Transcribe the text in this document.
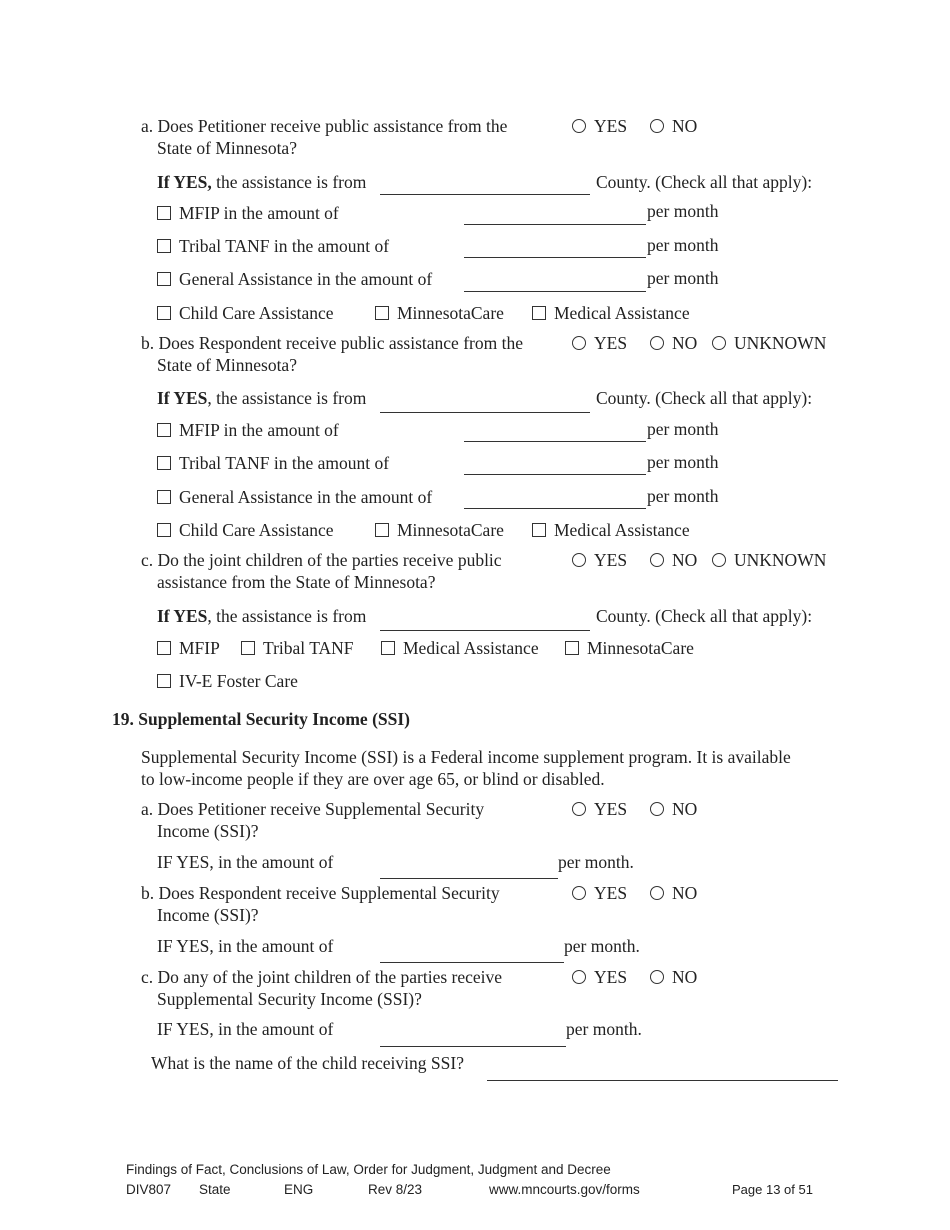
a. Does Petitioner receive public assistance from the
State of Minnesota?
YES	NO
If YES, the assistance is from	County. (Check all that apply):
MFIP in the amount of	per month
Tribal TANF in the amount of	per month
General Assistance in the amount of	per month
Child Care Assistance	MinnesotaCare	Medical Assistance
b. Does Respondent receive public assistance from the
State of Minnesota?
YES	NO	UNKNOWN
If YES, the assistance is from	County. (Check all that apply):
MFIP in the amount of	per month
Tribal TANF in the amount of	per month
General Assistance in the amount of	per month
Child Care Assistance	MinnesotaCare	Medical Assistance
c. Do the joint children of the parties receive public
assistance from the State of Minnesota?
YES	NO	UNKNOWN
If YES, the assistance is from	County. (Check all that apply):
MFIP	Tribal TANF	Medical Assistance	MinnesotaCare
IV-E Foster Care
19. Supplemental Security Income (SSI)
Supplemental Security Income (SSI) is a Federal income supplement program. It is available
to low-income people if they are over age 65, or blind or disabled.
a. Does Petitioner receive Supplemental Security
Income (SSI)?
YES	NO
IF YES, in the amount of	per month.
b. Does Respondent receive Supplemental Security
Income (SSI)?
YES	NO
IF YES, in the amount of	per month.
c. Do any of the joint children of the parties receive
Supplemental Security Income (SSI)?
YES	NO
IF YES, in the amount of	per month.
What is the name of the child receiving SSI?
Findings of Fact, Conclusions of Law, Order for Judgment, Judgment and Decree
DIV807 State	ENG	Rev 8/23	www.mncourts.gov/forms	Page 13 of 51
